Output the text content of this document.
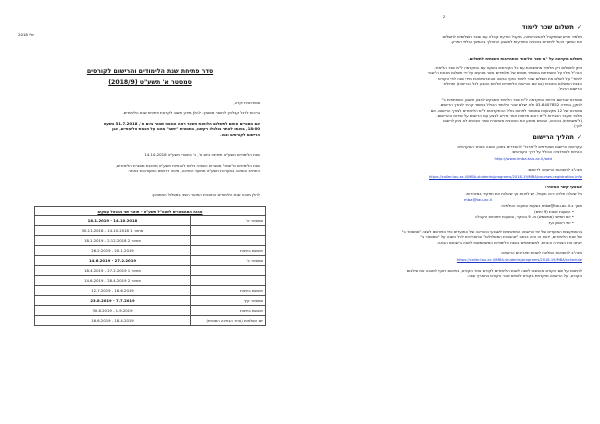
יולי 2018

סדר פתיחת שנת הלימודים והרישום לקורסים

סמסטר א' תשע"ט (2018/9)

סטודנטית יקרה,

ברכות לרגל קבלתך לתואר מוסמך. להלן מידע חשוב לקראת פתיחת שנת הלימודים.

אם מסגרים אותם לתשלום הלוואת השכר ראה הנוסח שמור ביום א', 31.7.2018 בשעה

18:00, בואתו לאתר בגלגלו רקשנו, בתמצית "יושב" מהנו על חכמת הלימודים, אנן

הרישום לקורסים ונטו.

שנת הלימודים תשע"ט תיפתח ביום א', כ' בתשרי תשע"ט 14.10.2018

שנת הלימודים מ"שנת" מסגרות השנייה נלוות להנחיות תשע"ט מחויבת מסגרת הלימודים,

התחייב הנסיגה במערכת תשע"ט ממועד היציאה, מיטה דרושים המעודכנת באתר.

להלן מבנה שנת הלימודים התוכנית התואר השני במסלול המתוכנן:

מבנה הסמסטרים לשנה"ל תשע"ט - תואר שני במנהל עסקים	
סמסטר א'	14.10.2018 - 18.1.2019
	מחזור 1 14.10.2018 - 30.11.2018
	מחזור 2 2.12.2018 - 18.1.2019
חופשת בחינות	20.1.2019 - 26.2.2019
סמסטר ב'	27.2.2019 - 14.6.2019
	מחזור 1 27.2.2019 - 18.4.2019
	מחזור 2 28.4.2019 - 14.6.2019
חופשת בחינות	16.6.2019 - 12.7.2019
סמסטר קיץ	7.7.2019 - 23.8.2019
חופשת בחינות	1.9.2019 - 30.8.2019
יום השלמות (אחר הבחינה הסופית)	18.4.2019 - 16.6.2019

2

✓
תשלום שכר לימוד

תלמיד חדש שמתקבל לאוניברסיטה, מקבל הודעת קבלה עם שובר תשלומים לתשלום

את המשך ניהול לימודים בתכנית המודעות לחשבון התהליך בהמשך ובלפי הפרק.

תשלום מקדמה על "מ שכר הלימוד והתחייבות השנתית לתשלום.

ניתן לתשלום רק תלמיד מתמצאות עם כל הקורסים בשקט עם המקדמה ל"מ שכר הלימוד.

הנה"ל תלוי על השמדתם במספר מסוים של תלמידים אשר מגיעים על ידי תשלום מכונת ה"שכר

לימוד" על לשלם את תשלום שכר לימוד כפוף בגישה אוניברסיטאית מידי שנה לפי הקורס

הצגת התשלום בתכנית (גם אם הוראות הלימודים תלויות הטבע לכל ובריאות) ותחילת

הרישום הרגיל.

סטודנט שנרשם נדחות המקדמה ל"מ שכר הלימוד מתבקש לבצע חשבון השתתפות ב"

לתקן, במידה 03-6407852 ולא ישלם שכר הלימוד הכולל במוסד קהיר לצורך הרישום.

סטודנט של 12 מקצועות סמסטר לפחות כולל ההתקדמות ל"מ הלימודים לצורך הרישום. אם

מלבד מעבר הנצירות ל"מ רוכש מדמות אחד נדרש לבצע עם הרישום על שירות ההרישום.

(ל'משמחת) בהנחה, הבסיס ממנע את התוכנית מאושרת שחר הציונים לא ניתן לרשום

לכך)

✓
תהליך הרישום

עקרונות הרישום מצטרפים ל"מרכז" להסדרים בתוכן השנה באתר האקדמיה:

הנחיות לאופרציה הכולל על דרך הקורסים:

http://www.imba.tau.ac.il/add

מנה"ב לתוצאות הרשמה לרישום:

https://coller.tau.ac.il/MBA-students/programs/2018-19/MBA/courses-registration-info

אמצעי קשר המזכיר:

כל שאלה תלויה יהיה תעמל, יש לפנות אך שאלות את תפקיד במזכירות:

mba@tau.ac.il

מסך ב-mba@tau.ac.il בשעות המענה הטלפוני:

• השעות ישנות (9 ימים)

• יום חמישי (ממשמש) מ- 9 בבוקר, ובשעות פתוחות הקבלה

• ימי ראשון ועד

בהתמקשות המועדים של ימי הרשמה המתאימים לשבועי ההוראה של המועדים כפי הפורסם לשנה "סמסטר ב"

של שנת הלימודים, ידווח זה הזה בכתב "שהצבות המסלולים" ובתאריכים לכל השנה על "סמסטר ב"

יינתנו את הצבירה והנחת. למשתתפים בשנת הלימודים המשתמשות לשנה ב'שנתם הבאה.

מנה"ב לתוצאות המלצה לשנות תאריכים הרשמה:

https://coller.tau.ac.il/MBA-students/programs/2018-19/MBA/schedule

לתיאום על שם הקורס מהמבט לשנה לשנת הלימודים לקורס אתר הקורס, בתיאום רצוף למבנה את סילבוס

הקורס, על הרשמה מוקדמת בקורס לטופס שכר הקורס בתאריך שנה.
